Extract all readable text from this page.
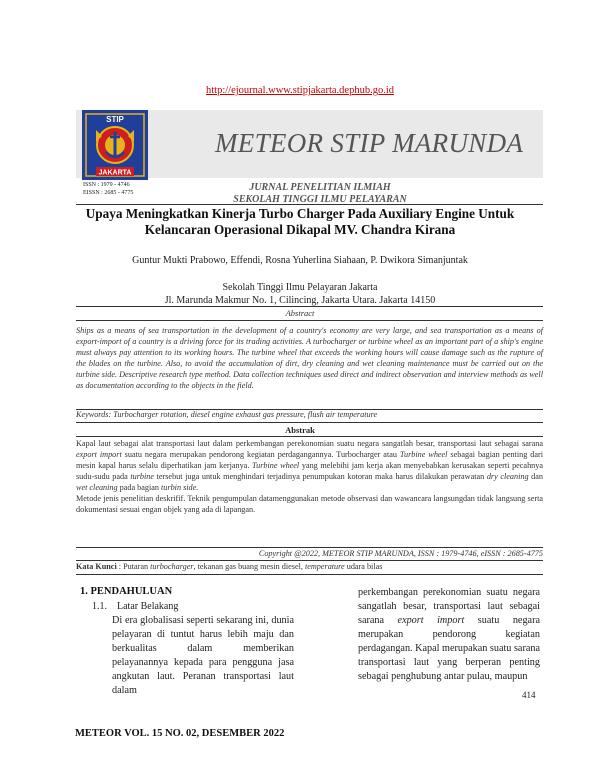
http://ejournal.www.stipjakarta.dephub.go.id
STIP
JAKARTA
METEOR STIP MARUNDA
ISSN : 1979 - 4746
EISSN : 2685 - 4775	JURNAL PENELITIAN ILMIAH
SEKOLAH TINGGI ILMU PELAYARAN
Upaya Meningkatkan Kinerja Turbo Charger Pada Auxiliary Engine Untuk Kelancaran Operasional Dikapal MV. Chandra Kirana
Guntur Mukti Prabowo, Effendi, Rosna Yuherlina Siahaan, P. Dwikora Simanjuntak
Sekolah Tinggi Ilmu Pelayaran Jakarta
Jl. Marunda Makmur No. 1, Cilincing, Jakarta Utara. Jakarta 14150
Abstract
Ships as a means of sea transportation in the development of a country's economy are very large, and sea transportation as a means of export-import of a country is a driving force for its trading activities. A turbocharger or turbine wheel as an important part of a ship's engine must always pay attention to its working hours. The turbine wheel that exceeds the working hours will cause damage such as the rupture of the blades on the turbine. Also, to avoid the accumulation of dirt, dry cleaning and wet cleaning maintenance must be carried out on the turbine side. Descriptive research type method. Data collection techniques used direct and indirect observation and interview methods as well as documentation according to the objects in the field.
Keywords: Turbocharger rotation, diesel engine exhaust gas pressure, flush air temperature
Abstrak
Kapal laut sebagai alat transportasi laut dalam perkembangan perekonomian suatu negara sangatlah besar, transportasi laut sebagai sarana export import suatu negara merupakan pendorong kegiatan perdagangannya. Turbocharger atau Turbine wheel sebagai bagian penting dari mesin kapal harus selalu diperhatikan jam kerjanya. Turbine wheel yang melebihi jam kerja akan menyebabkan kerusakan seperti pecahnya sudu-sudu pada turbine tersebut juga untuk menghindari terjadinya penumpukan kotoran maka harus dilakukan perawatan dry cleaning dan wet cleaning pada bagian turbin side.
Metode jenis penelitian deskrifif. Teknik pengumpulan datamenggunakan metode observasi dan wawancara langsungdan tidak langsung serta dokumentasi sesuai engan objek yang ada di lapangan.
Copyright @2022, METEOR STIP MARUNDA, ISSN : 1979-4746, eISSN : 2685-4775
Kata Kunci : Putaran turbocharger, tekanan gas buang mesin diesel, temperature udara bilas
1. PENDAHULUAN
1.1.    Latar Belakang
Di era globalisasi seperti sekarang ini, dunia pelayaran di tuntut harus lebih maju dan berkualitas dalam memberikan pelayanannya kepada para pengguna jasa angkutan laut. Peranan transportasi laut dalam
perkembangan perekonomian suatu negara sangatlah besar, transportasi laut sebagai sarana export import suatu negara merupakan pendorong kegiatan perdagangan. Kapal merupakan suatu sarana transportasi laut yang berperan penting sebagai penghubung antar pulau, maupun
414
METEOR VOL. 15 NO. 02, DESEMBER 2022
